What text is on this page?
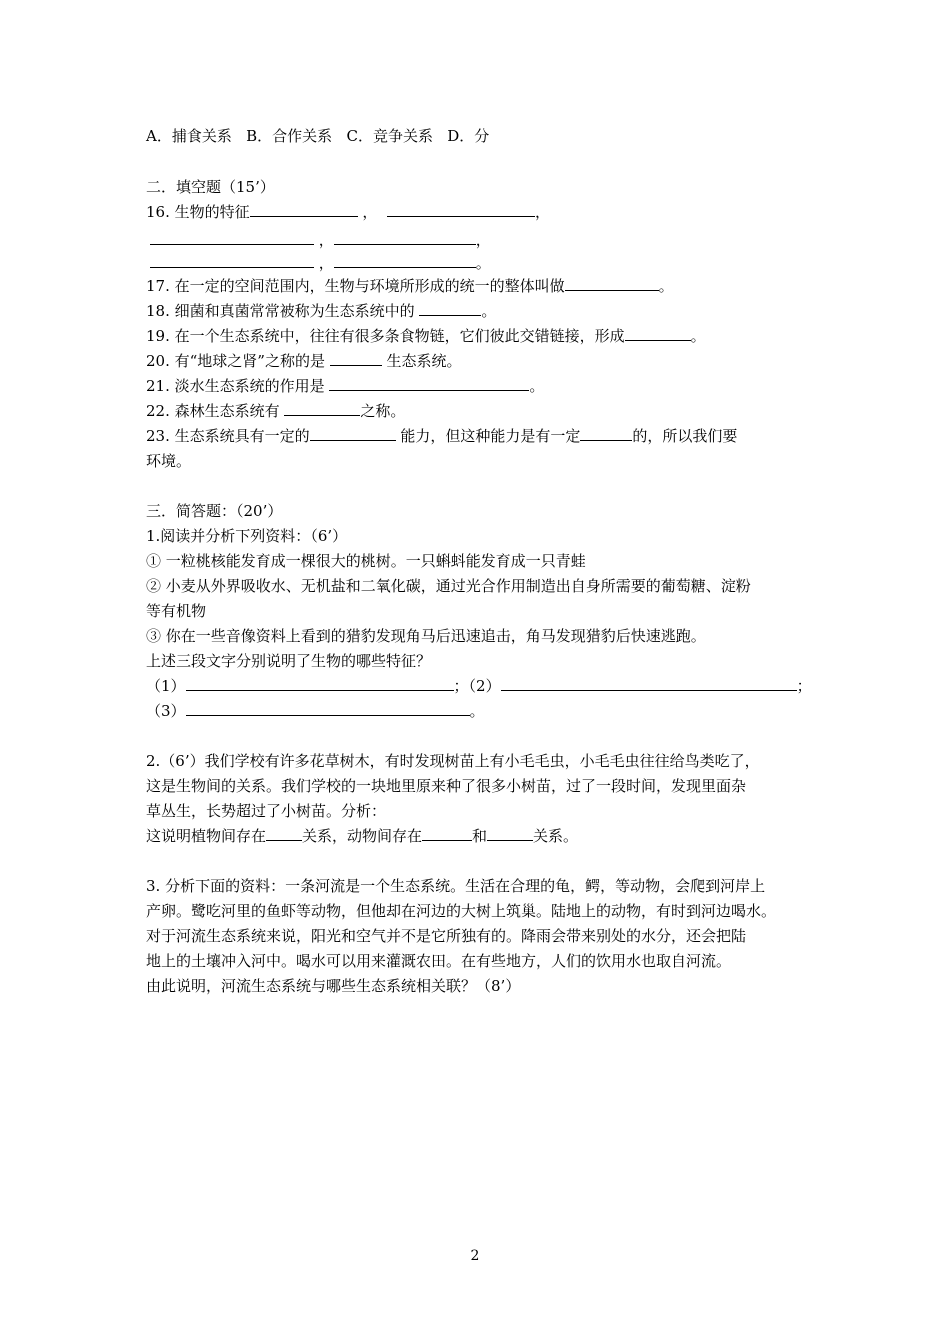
A．捕食关系   B．合作关系   C．竞争关系   D．分

二．填空题（15’）

16. 生物的特征	，	，

，	，

，	。

17. 在一定的空间范围内，生物与环境所形成的统一的整体叫做	。

18. 细菌和真菌常常被称为生态系统中的	。

19. 在一个生态系统中，往往有很多条食物链，它们彼此交错链接，形成	。

20. 有“地球之肾”之称的是	生态系统。

21. 淡水生态系统的作用是	。

22. 森林生态系统有	之称。

23. 生态系统具有一定的	能力，但这种能力是有一定	的，所以我们要

环境。

三．简答题：（20’）

1.阅读并分析下列资料：（6’）

① 一粒桃核能发育成一棵很大的桃树。一只蝌蚪能发育成一只青蛙

② 小麦从外界吸收水、无机盐和二氧化碳，通过光合作用制造出自身所需要的葡萄糖、淀粉

等有机物

③ 你在一些音像资料上看到的猎豹发现角马后迅速追击，角马发现猎豹后快速逃跑。

上述三段文字分别说明了生物的哪些特征？

（1）	；（2）	；

（3）	。

2.（6’）我们学校有许多花草树木，有时发现树苗上有小毛毛虫，小毛毛虫往往给鸟类吃了，

这是生物间的关系。我们学校的一块地里原来种了很多小树苗，过了一段时间，发现里面杂

草丛生，长势超过了小树苗。分析：

这说明植物间存在 关系，动物间存在	和	关系。

3. 分析下面的资料：一条河流是一个生态系统。生活在合理的龟，鳄，等动物，会爬到河岸上

产卵。鹭吃河里的鱼虾等动物，但他却在河边的大树上筑巢。陆地上的动物，有时到河边喝水。

对于河流生态系统来说，阳光和空气并不是它所独有的。降雨会带来别处的水分，还会把陆

地上的土壤冲入河中。喝水可以用来灌溉农田。在有些地方，人们的饮用水也取自河流。

由此说明，河流生态系统与哪些生态系统相关联？（8’）

2
